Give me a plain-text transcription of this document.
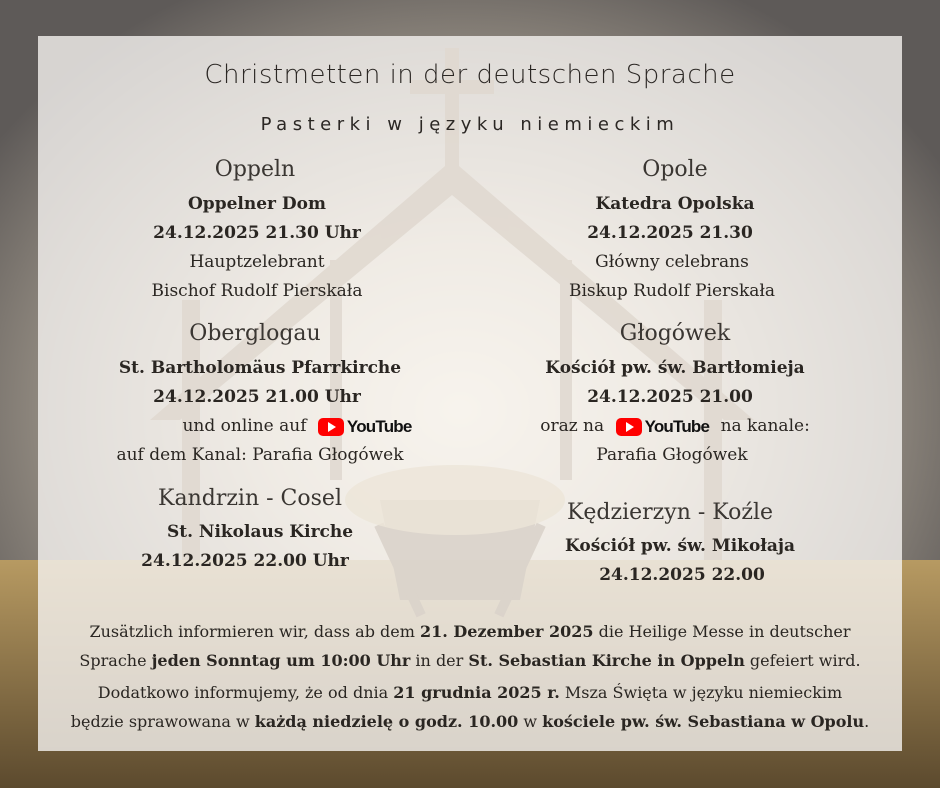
Christmetten in der deutschen Sprache
Pasterki w języku niemieckim
Oppeln
Oppelner Dom
24.12.2025 21.30 Uhr
Hauptzelebrant
Bischof Rudolf Pierskała
Oberglogau
St. Bartholomäus Pfarrkirche
24.12.2025 21.00 Uhr
und online auf YouTube
auf dem Kanal: Parafia Głogówek
Kandrzin - Cosel
St. Nikolaus Kirche
24.12.2025 22.00 Uhr
Opole
Katedra Opolska
24.12.2025 21.30
Główny celebrans
Biskup Rudolf Pierskała
Głogówek
Kościół pw. św. Bartłomieja
24.12.2025 21.00
oraz na YouTube na kanale:
Parafia Głogówek
Kędzierzyn - Koźle
Kościół pw. św. Mikołaja
24.12.2025 22.00
Zusätzlich informieren wir, dass ab dem 21. Dezember 2025 die Heilige Messe in deutscher
Sprache jeden Sonntag um 10:00 Uhr in der St. Sebastian Kirche in Oppeln gefeiert wird.
Dodatkowo informujemy, że od dnia 21 grudnia 2025 r. Msza Święta w języku niemieckim
będzie sprawowana w każdą niedzielę o godz. 10.00 w kościele pw. św. Sebastiana w Opolu.
